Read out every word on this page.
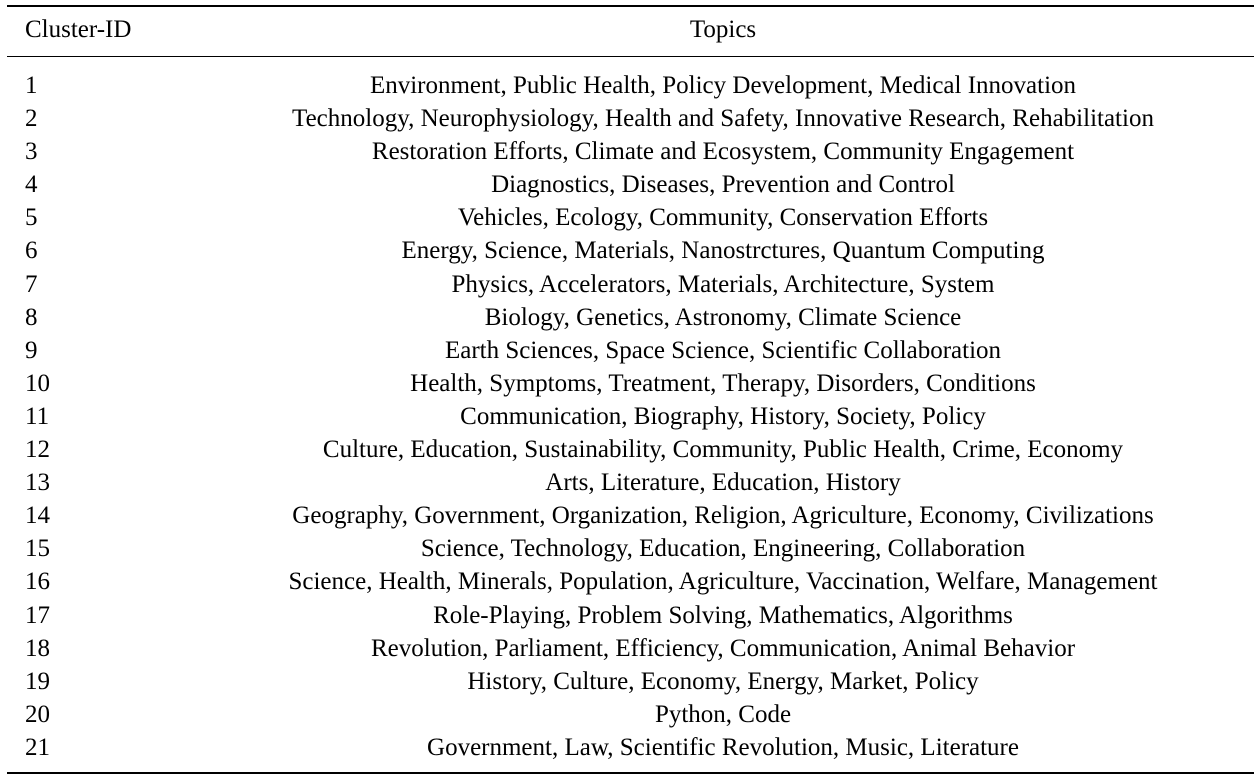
Cluster-ID	Topics
1	Environment, Public Health, Policy Development, Medical Innovation
2	Technology, Neurophysiology, Health and Safety, Innovative Research, Rehabilitation
3	Restoration Efforts, Climate and Ecosystem, Community Engagement
4	Diagnostics, Diseases, Prevention and Control
5	Vehicles, Ecology, Community, Conservation Efforts
6	Energy, Science, Materials, Nanostrctures, Quantum Computing
7	Physics, Accelerators, Materials, Architecture, System
8	Biology, Genetics, Astronomy, Climate Science
9	Earth Sciences, Space Science, Scientific Collaboration
10	Health, Symptoms, Treatment, Therapy, Disorders, Conditions
11	Communication, Biography, History, Society, Policy
12	Culture, Education, Sustainability, Community, Public Health, Crime, Economy
13	Arts, Literature, Education, History
14	Geography, Government, Organization, Religion, Agriculture, Economy, Civilizations
15	Science, Technology, Education, Engineering, Collaboration
16	Science, Health, Minerals, Population, Agriculture, Vaccination, Welfare, Management
17	Role-Playing, Problem Solving, Mathematics, Algorithms
18	Revolution, Parliament, Efficiency, Communication, Animal Behavior
19	History, Culture, Economy, Energy, Market, Policy
20	Python, Code
21	Government, Law, Scientific Revolution, Music, Literature
